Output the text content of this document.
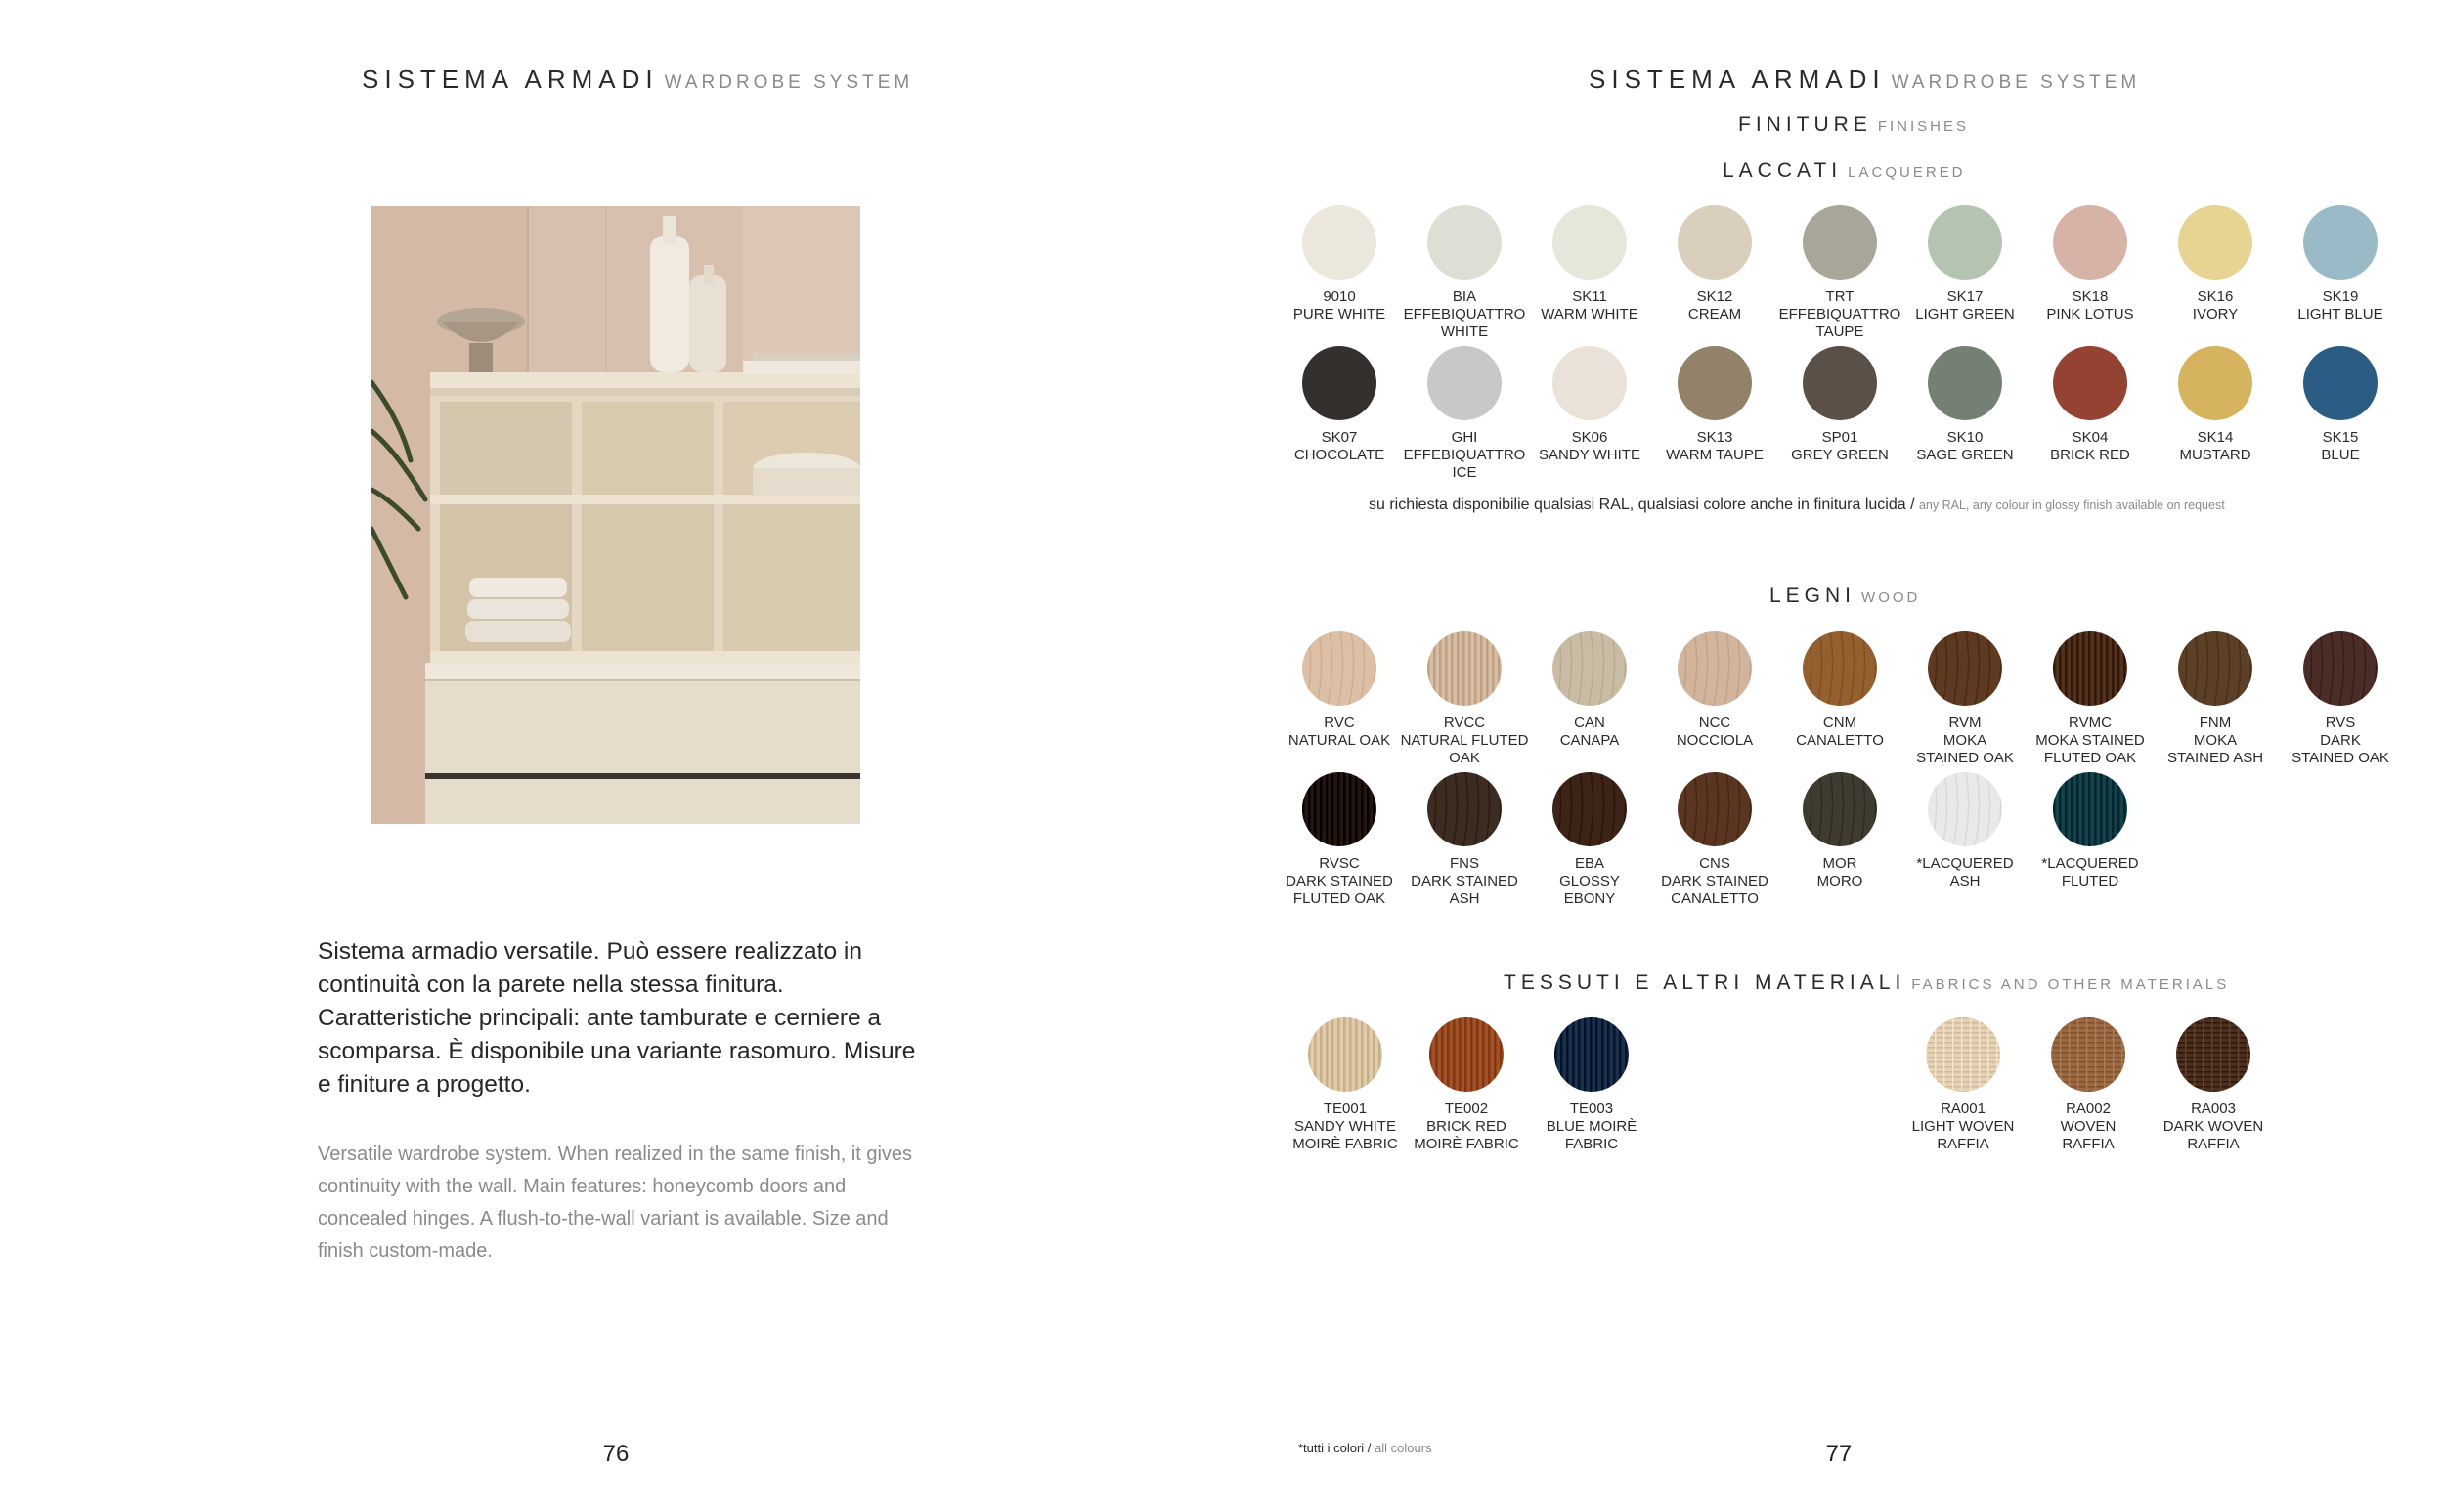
SISTEMA ARMADI WARDROBE SYSTEM
Sistema armadio versatile. Può essere realizzato in continuità con la parete nella stessa finitura. Caratteristiche principali: ante tamburate e cerniere a scomparsa. È disponibile una variante rasomuro. Misure e finiture a progetto.
Versatile wardrobe system. When realized in the same finish, it gives continuity with the wall. Main features: honeycomb doors and concealed hinges. A flush-to-the-wall variant is available. Size and finish custom-made.
76
SISTEMA ARMADI WARDROBE SYSTEM
FINITURE FINISHES
LACCATI LACQUERED
9010
PURE WHITE
BIA
EFFEBIQUATTRO
WHITE
SK11
WARM WHITE
SK12
CREAM
TRT
EFFEBIQUATTRO
TAUPE
SK17
LIGHT GREEN
SK18
PINK LOTUS
SK16
IVORY
SK19
LIGHT BLUE
SK07
CHOCOLATE
GHI
EFFEBIQUATTRO
ICE
SK06
SANDY WHITE
SK13
WARM TAUPE
SP01
GREY GREEN
SK10
SAGE GREEN
SK04
BRICK RED
SK14
MUSTARD
SK15
BLUE
su richiesta disponibilie qualsiasi RAL, qualsiasi colore anche in finitura lucida / any RAL, any colour in glossy finish available on request
LEGNI WOOD
RVC
NATURAL OAK
RVCC
NATURAL FLUTED
OAK
CAN
CANAPA
NCC
NOCCIOLA
CNM
CANALETTO
RVM
MOKA
STAINED OAK
RVMC
MOKA STAINED
FLUTED OAK
FNM
MOKA
STAINED ASH
RVS
DARK
STAINED OAK
RVSC
DARK STAINED
FLUTED OAK
FNS
DARK STAINED
ASH
EBA
GLOSSY
EBONY
CNS
DARK STAINED
CANALETTO
MOR
MORO
*LACQUERED
ASH
*LACQUERED
FLUTED
TESSUTI E ALTRI MATERIALI FABRICS AND OTHER MATERIALS
TE001
SANDY WHITE
MOIRÈ FABRIC
TE002
BRICK RED
MOIRÈ FABRIC
TE003
BLUE MOIRÈ
FABRIC
RA001
LIGHT WOVEN
RAFFIA
RA002
WOVEN
RAFFIA
RA003
DARK WOVEN
RAFFIA
*tutti i colori / all colours	77
